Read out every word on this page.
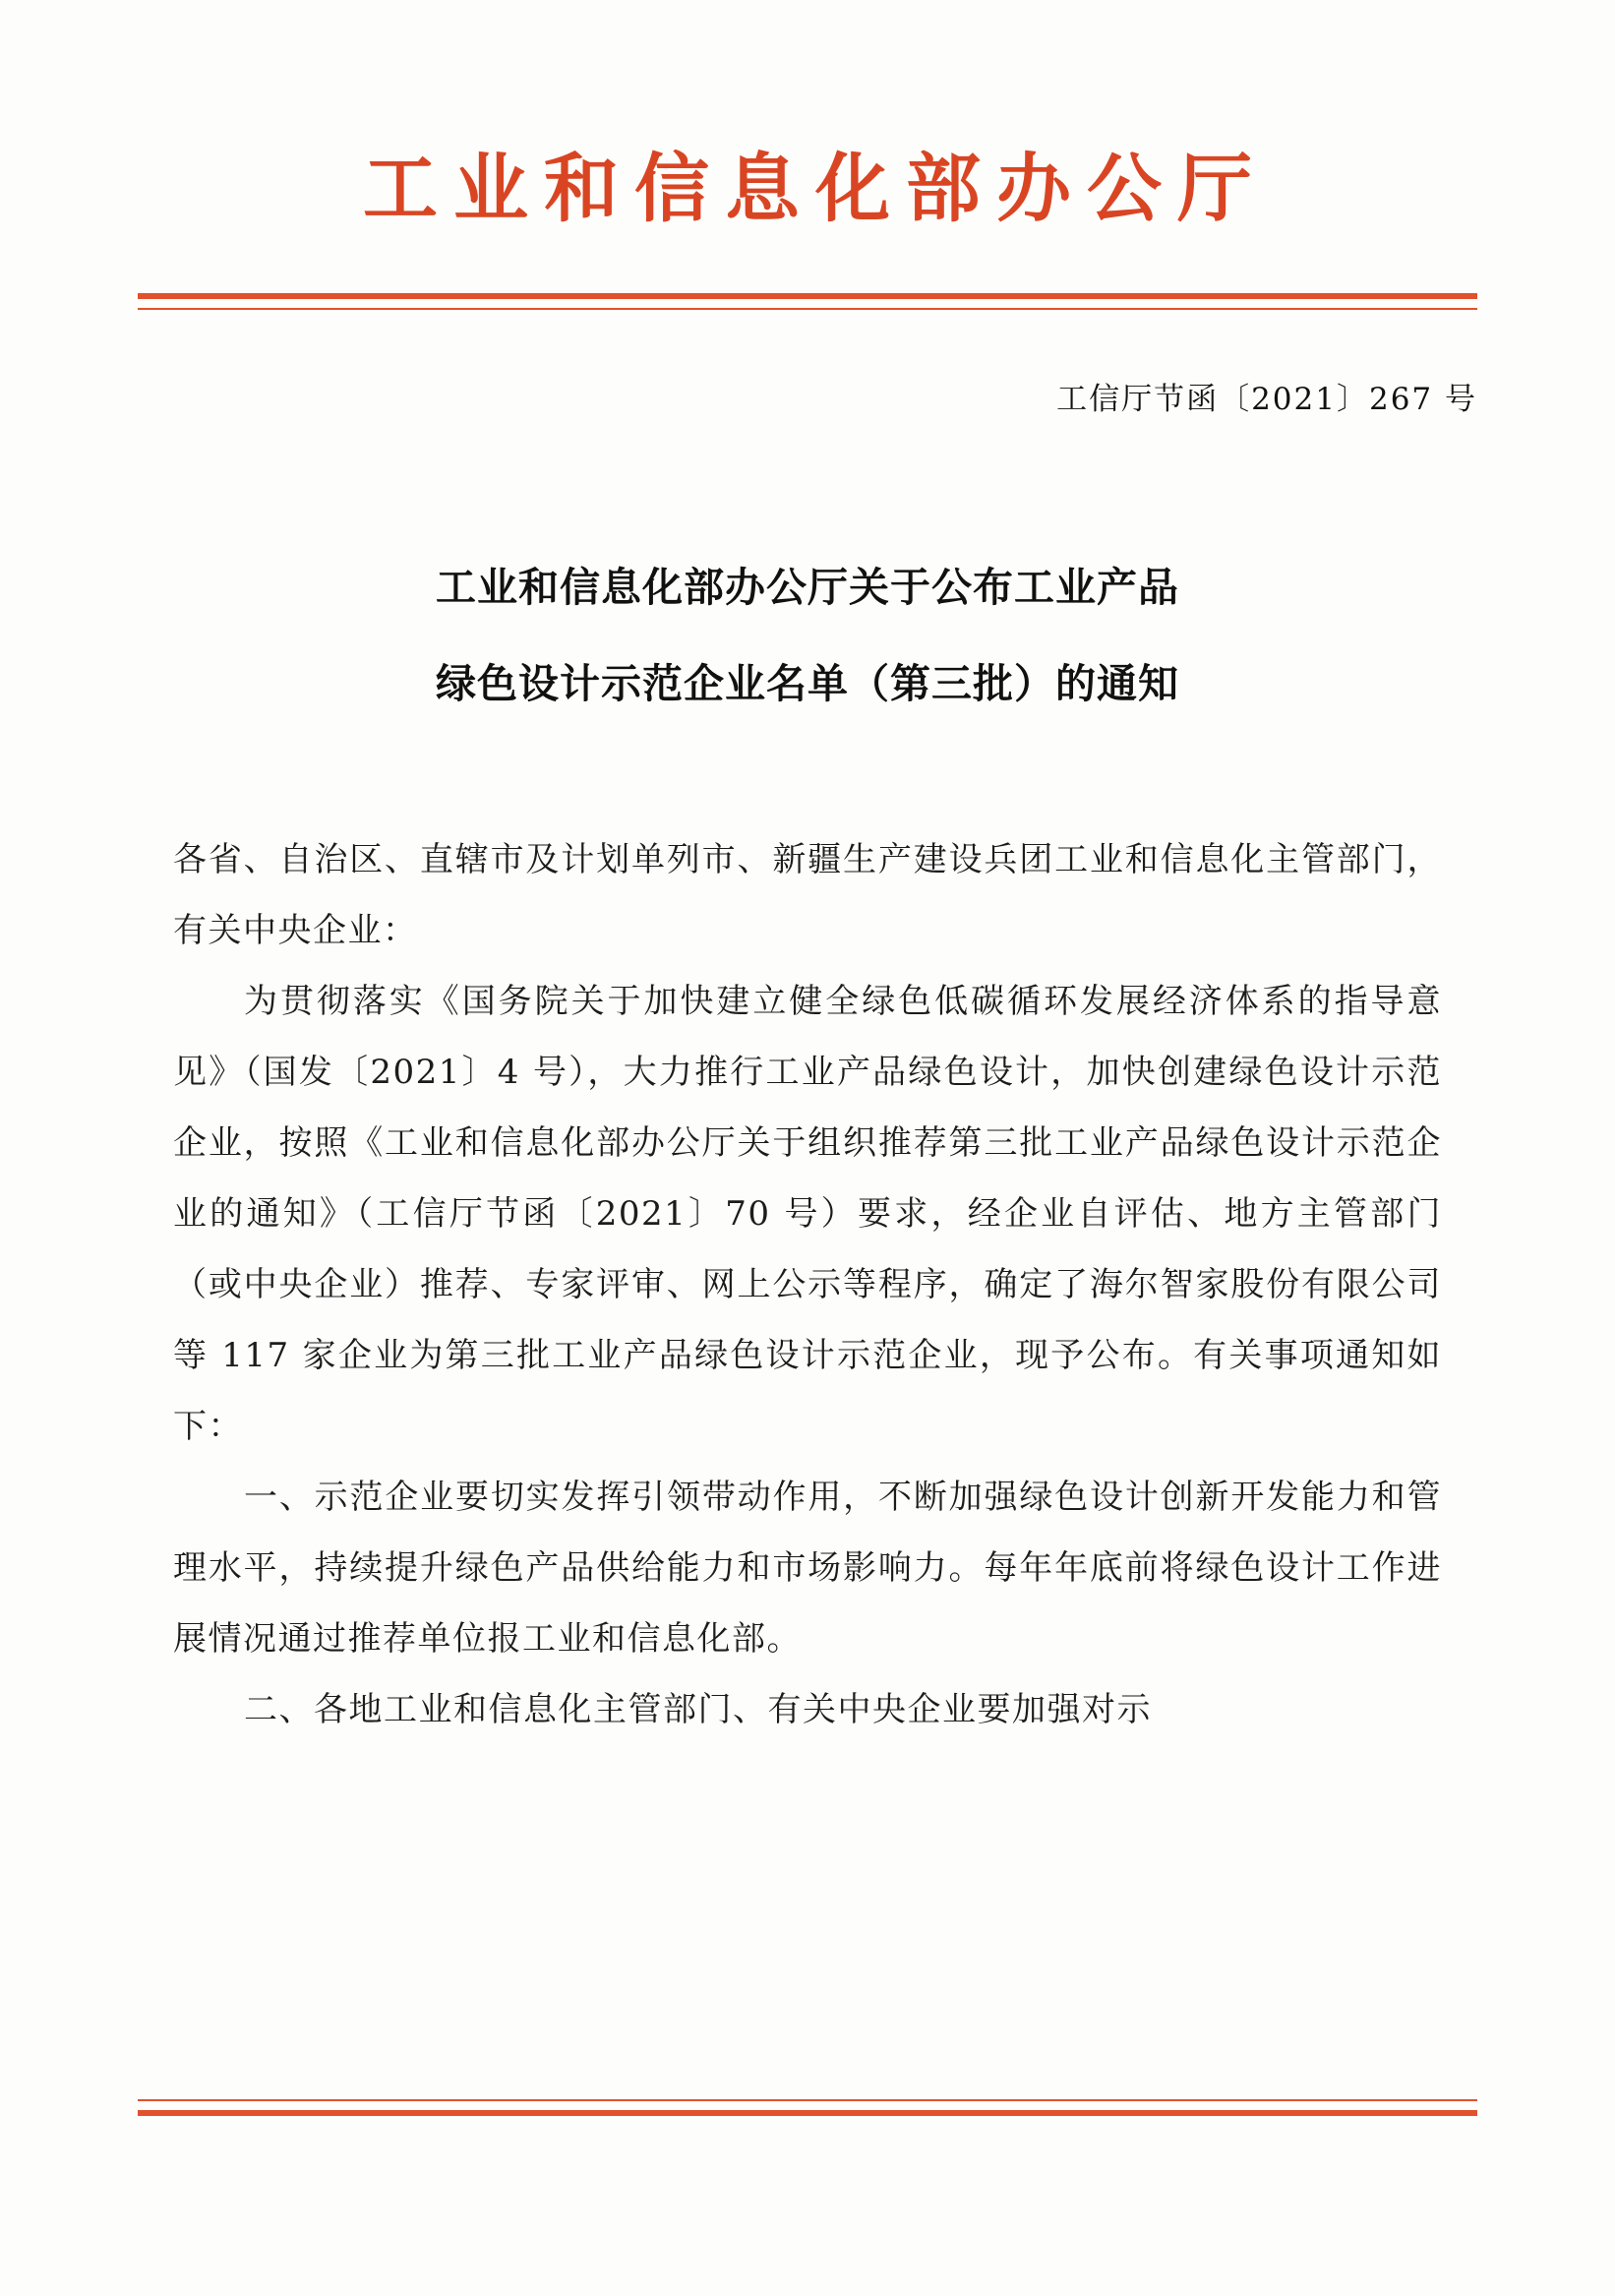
工业和信息化部办公厅
工信厅节函〔2021〕267 号
工业和信息化部办公厅关于公布工业产品
绿色设计示范企业名单（第三批）的通知

各省、自治区、直辖市及计划单列市、新疆生产建设兵团工业和信息化主管部门，有关中央企业：

为贯彻落实《国务院关于加快建立健全绿色低碳循环发展经济体系的指导意见》（国发〔2021〕4 号），大力推行工业产品绿色设计，加快创建绿色设计示范企业，按照《工业和信息化部办公厅关于组织推荐第三批工业产品绿色设计示范企业的通知》（工信厅节函〔2021〕70 号）要求，经企业自评估、地方主管部门（或中央企业）推荐、专家评审、网上公示等程序，确定了海尔智家股份有限公司等 117 家企业为第三批工业产品绿色设计示范企业，现予公布。有关事项通知如下：

一、示范企业要切实发挥引领带动作用，不断加强绿色设计创新开发能力和管理水平，持续提升绿色产品供给能力和市场影响力。每年年底前将绿色设计工作进展情况通过推荐单位报工业和信息化部。

二、各地工业和信息化主管部门、有关中央企业要加强对示
